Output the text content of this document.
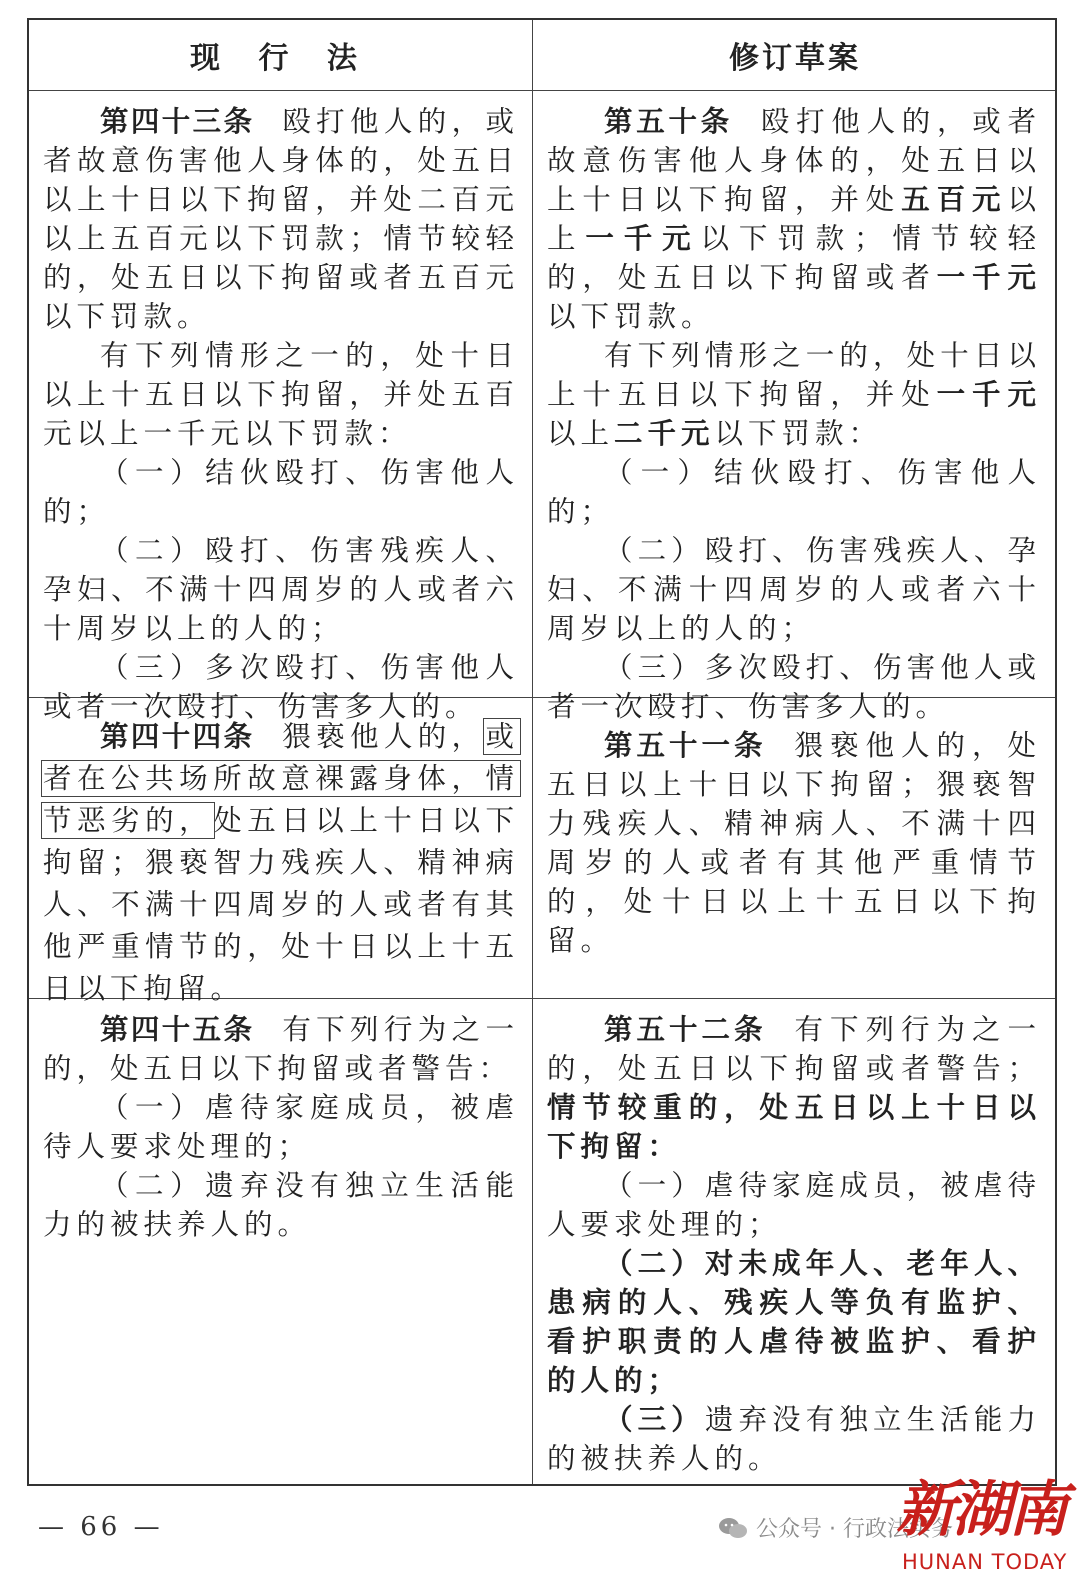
现 行 法	修订草案

第四十三条 殴打他人的，或者故意伤害他人身体的，处五日以上十日以下拘留，并处二百元以上五百元以下罚款；情节较轻的，处五日以下拘留或者五百元以下罚款。

有下列情形之一的，处十日以上十五日以下拘留，并处五百元以上一千元以下罚款：

（一）结伙殴打、伤害他人的；

（二）殴打、伤害残疾人、孕妇、不满十四周岁的人或者六十周岁以上的人的；

（三）多次殴打、伤害他人或者一次殴打、伤害多人的。

第五十条 殴打他人的，或者故意伤害他人身体的，处五日以上十日以下拘留，并处五百元以上一千元以下罚款；情节较轻的，处五日以下拘留或者一千元以下罚款。

有下列情形之一的，处十日以上十五日以下拘留，并处一千元以上二千元以下罚款：

（一）结伙殴打、伤害他人的；

（二）殴打、伤害残疾人、孕妇、不满十四周岁的人或者六十周岁以上的人的；

（三）多次殴打、伤害他人或者一次殴打、伤害多人的。

第四十四条 猥亵他人的，或者在公共场所故意裸露身体，情节恶劣的，处五日以上十日以下拘留；猥亵智力残疾人、精神病人、不满十四周岁的人或者有其他严重情节的，处十日以上十五日以下拘留。

第五十一条 猥亵他人的，处五日以上十日以下拘留；猥亵智力残疾人、精神病人、不满十四周岁的人或者有其他严重情节的，处十日以上十五日以下拘留。

第四十五条 有下列行为之一的，处五日以下拘留或者警告：

（一）虐待家庭成员，被虐待人要求处理的；

（二）遗弃没有独立生活能力的被扶养人的。

第五十二条 有下列行为之一的，处五日以下拘留或者警告；情节较重的，处五日以上十日以下拘留：

（一）虐待家庭成员，被虐待人要求处理的；

（二）对未成年人、老年人、患病的人、残疾人等负有监护、看护职责的人虐待被监护、看护的人的；

（三）遗弃没有独立生活能力的被扶养人的。

— 66 —	公众号 · 行政法实务
新湖南
HUNAN TODAY
